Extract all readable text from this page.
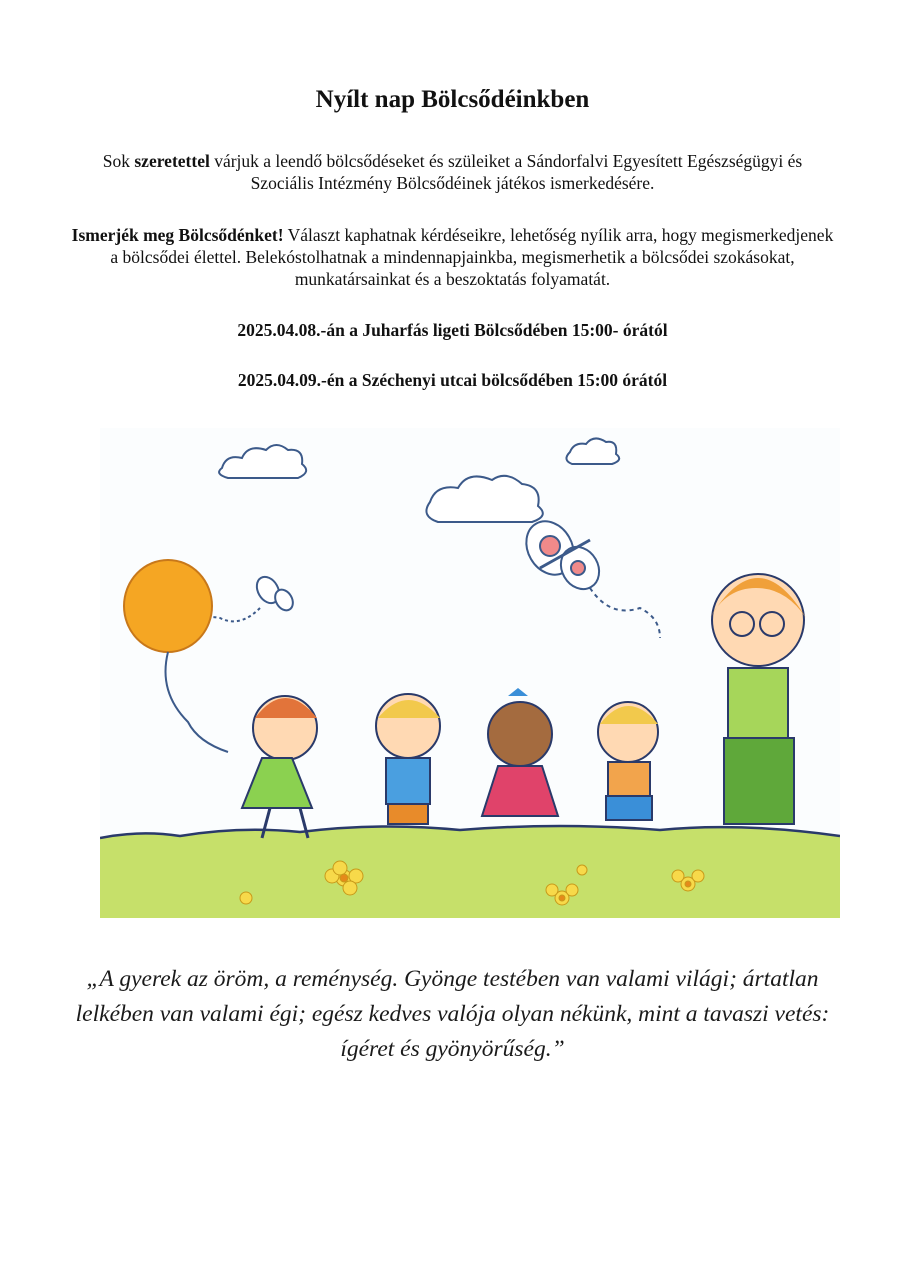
Nyílt nap Bölcsődéinkben

Sok szeretettel várjuk a leendő bölcsődéseket és szüleiket a Sándorfalvi Egyesített Egészségügyi és Szociális Intézmény Bölcsődéinek játékos ismerkedésére.

Ismerjék meg Bölcsődénket! Választ kaphatnak kérdéseikre, lehetőség nyílik arra, hogy megismerkedjenek a bölcsődei élettel. Belekóstolhatnak a mindennapjainkba, megismerhetik a bölcsődei szokásokat, munkatársainkat és a beszoktatás folyamatát.

2025.04.08.-án a Juharfás ligeti Bölcsődében 15:00- órától

2025.04.09.-én a Széchenyi utcai bölcsődében 15:00 órától

„A gyerek az öröm, a reménység. Gyönge testében van valami világi; ártatlan lelkében van valami égi; egész kedves valója olyan nékünk, mint a tavaszi vetés: ígéret és gyönyörűség.”
